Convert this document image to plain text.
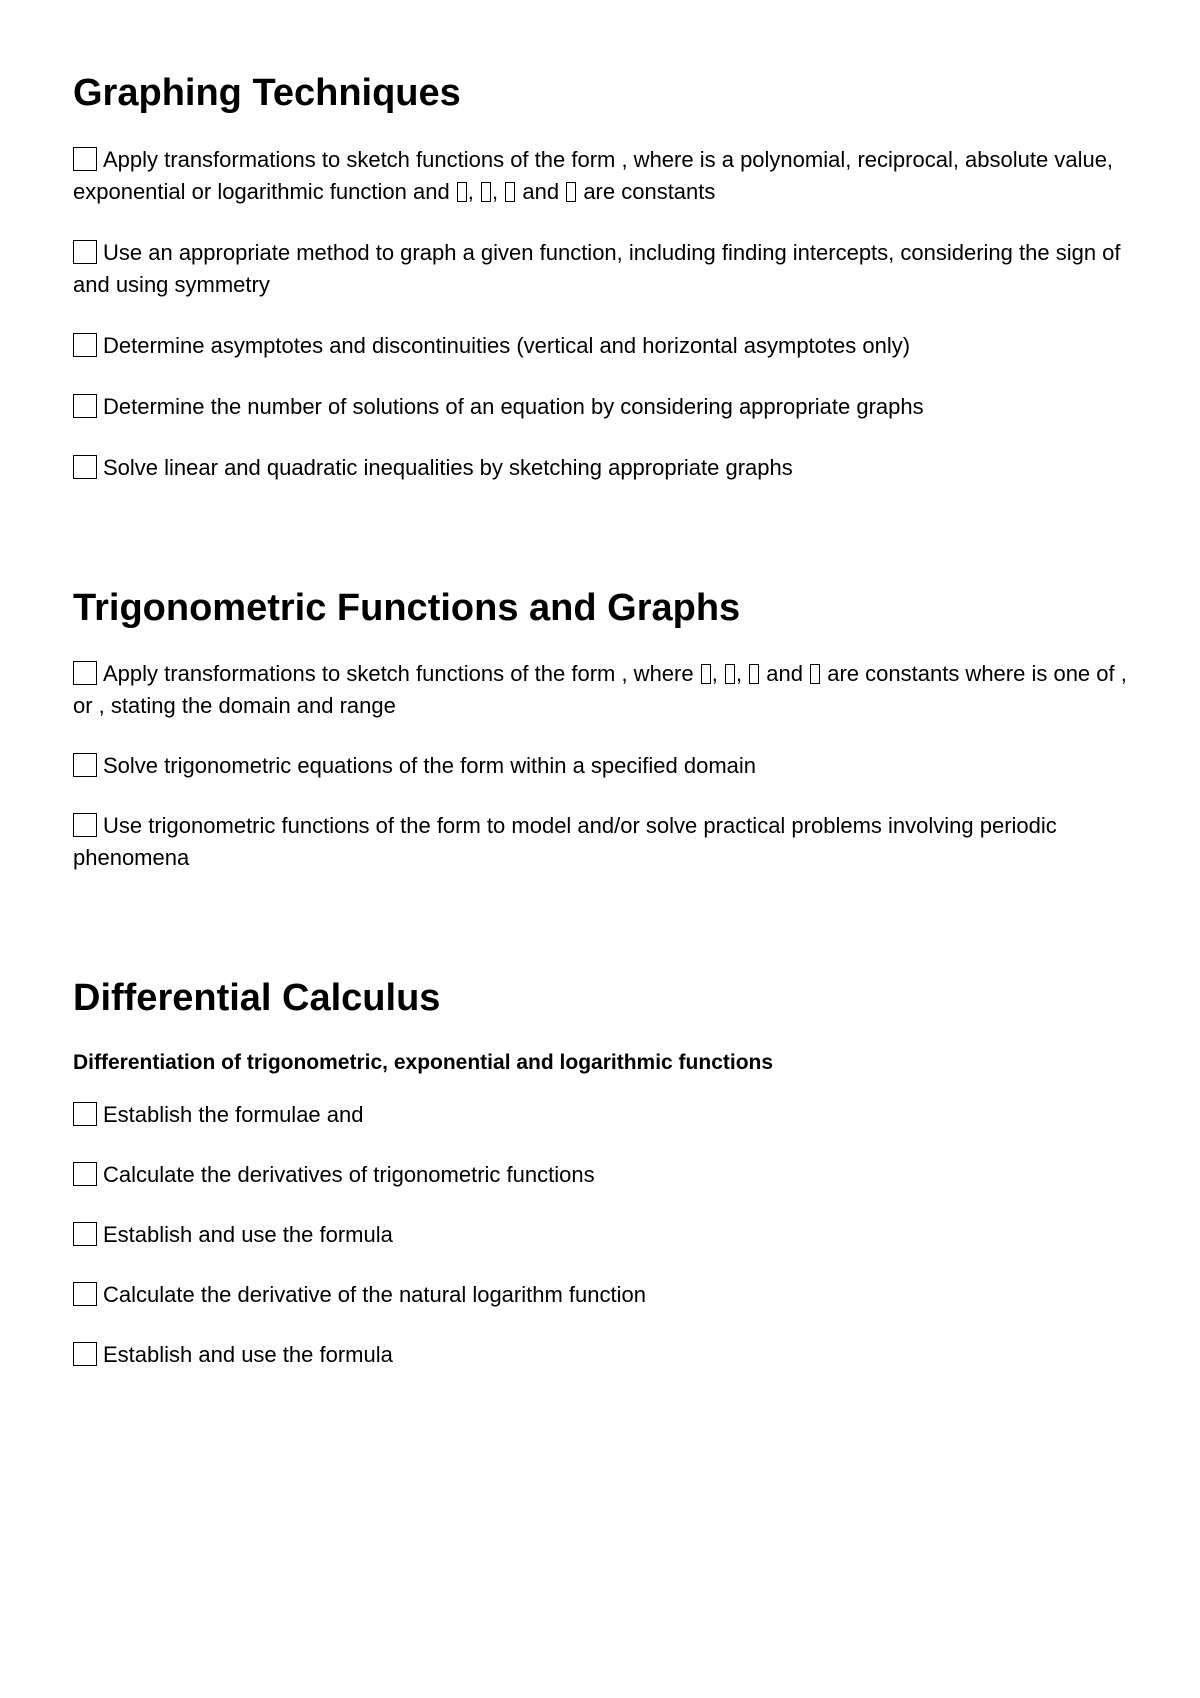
Graphing Techniques

Apply transformations to sketch functions of the form , where is a polynomial, reciprocal, absolute value, exponential or logarithmic function and , ,  and  are constants

Use an appropriate method to graph a given function, including finding intercepts, considering the sign of and using symmetry

Determine asymptotes and discontinuities (vertical and horizontal asymptotes only)

Determine the number of solutions of an equation by considering appropriate graphs

Solve linear and quadratic inequalities by sketching appropriate graphs

Trigonometric Functions and Graphs

Apply transformations to sketch functions of the form , where , ,  and  are constants where is one of , or , stating the domain and range

Solve trigonometric equations of the form within a specified domain

Use trigonometric functions of the form to model and/or solve practical problems involving periodic phenomena

Differential Calculus
Differentiation of trigonometric, exponential and logarithmic functions

Establish the formulae and

Calculate the derivatives of trigonometric functions

Establish and use the formula

Calculate the derivative of the natural logarithm function

Establish and use the formula
